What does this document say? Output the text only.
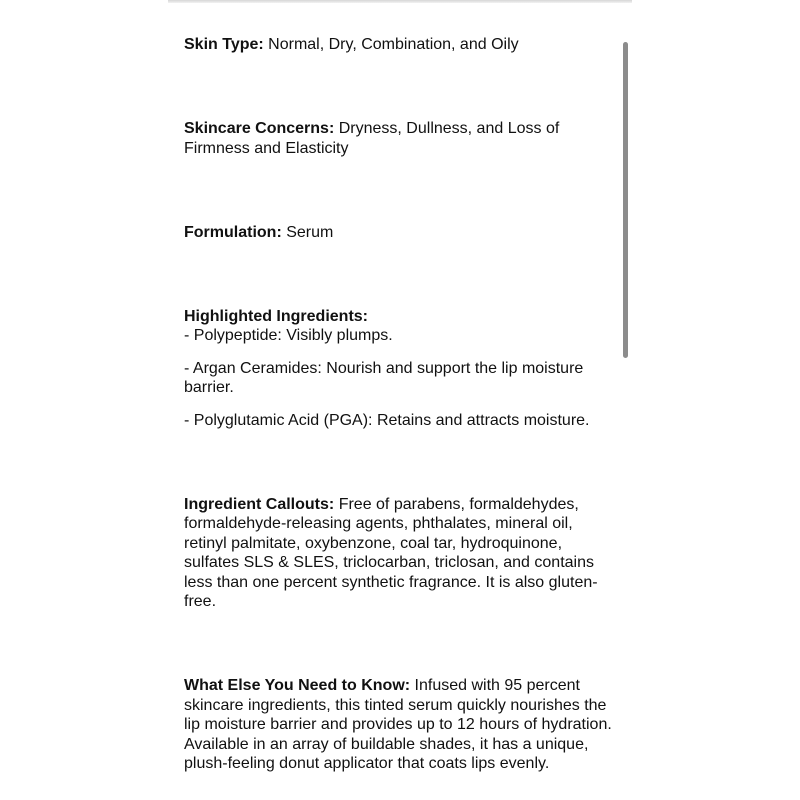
Skin Type: Normal, Dry, Combination, and Oily

Skincare Concerns: Dryness, Dullness, and Loss of Firmness and Elasticity

Formulation: Serum

Highlighted Ingredients:

- Polypeptide: Visibly plumps.

- Argan Ceramides: Nourish and support the lip moisture barrier.

- Polyglutamic Acid (PGA): Retains and attracts moisture.

Ingredient Callouts: Free of parabens, formaldehydes, formaldehyde-releasing agents, phthalates, mineral oil, retinyl palmitate, oxybenzone, coal tar, hydroquinone, sulfates SLS & SLES, triclocarban, triclosan, and contains less than one percent synthetic fragrance. It is also gluten-free.

What Else You Need to Know: Infused with 95 percent skincare ingredients, this tinted serum quickly nourishes the lip moisture barrier and provides up to 12 hours of hydration. Available in an array of buildable shades, it has a unique, plush-feeling donut applicator that coats lips evenly.
